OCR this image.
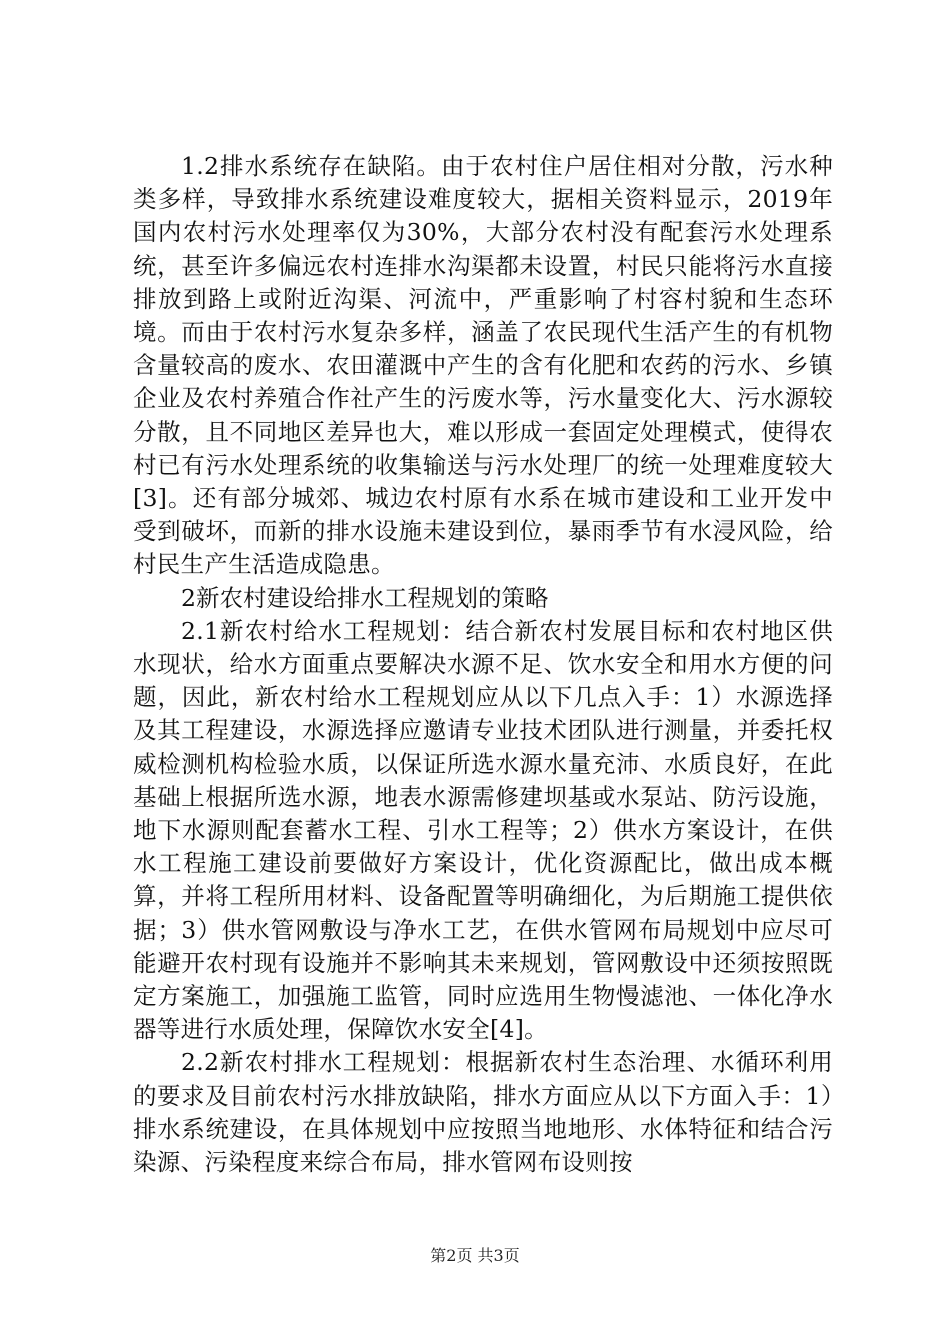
1.2排水系统存在缺陷。由于农村住户居住相对分散，污水种类多样，导致排水系统建设难度较大，据相关资料显示，2019年国内农村污水处理率仅为30%，大部分农村没有配套污水处理系统，甚至许多偏远农村连排水沟渠都未设置，村民只能将污水直接排放到路上或附近沟渠、河流中，严重影响了村容村貌和生态环境。而由于农村污水复杂多样，涵盖了农民现代生活产生的有机物含量较高的废水、农田灌溉中产生的含有化肥和农药的污水、乡镇企业及农村养殖合作社产生的污废水等，污水量变化大、污水源较分散，且不同地区差异也大，难以形成一套固定处理模式，使得农村已有污水处理系统的收集输送与污水处理厂的统一处理难度较大[3]。还有部分城郊、城边农村原有水系在城市建设和工业开发中受到破坏，而新的排水设施未建设到位，暴雨季节有水浸风险，给村民生产生活造成隐患。

2新农村建设给排水工程规划的策略

2.1新农村给水工程规划：结合新农村发展目标和农村地区供水现状，给水方面重点要解决水源不足、饮水安全和用水方便的问题，因此，新农村给水工程规划应从以下几点入手：1）水源选择及其工程建设，水源选择应邀请专业技术团队进行测量，并委托权威检测机构检验水质，以保证所选水源水量充沛、水质良好，在此基础上根据所选水源，地表水源需修建坝基或水泵站、防污设施，地下水源则配套蓄水工程、引水工程等；2）供水方案设计，在供水工程施工建设前要做好方案设计，优化资源配比，做出成本概算，并将工程所用材料、设备配置等明确细化，为后期施工提供依据；3）供水管网敷设与净水工艺，在供水管网布局规划中应尽可能避开农村现有设施并不影响其未来规划，管网敷设中还须按照既定方案施工，加强施工监管，同时应选用生物慢滤池、一体化净水器等进行水质处理，保障饮水安全[4]。

2.2新农村排水工程规划：根据新农村生态治理、水循环利用的要求及目前农村污水排放缺陷，排水方面应从以下方面入手：1）排水系统建设，在具体规划中应按照当地地形、水体特征和结合污染源、污染程度来综合布局，排水管网布设则按

第2页 共3页
